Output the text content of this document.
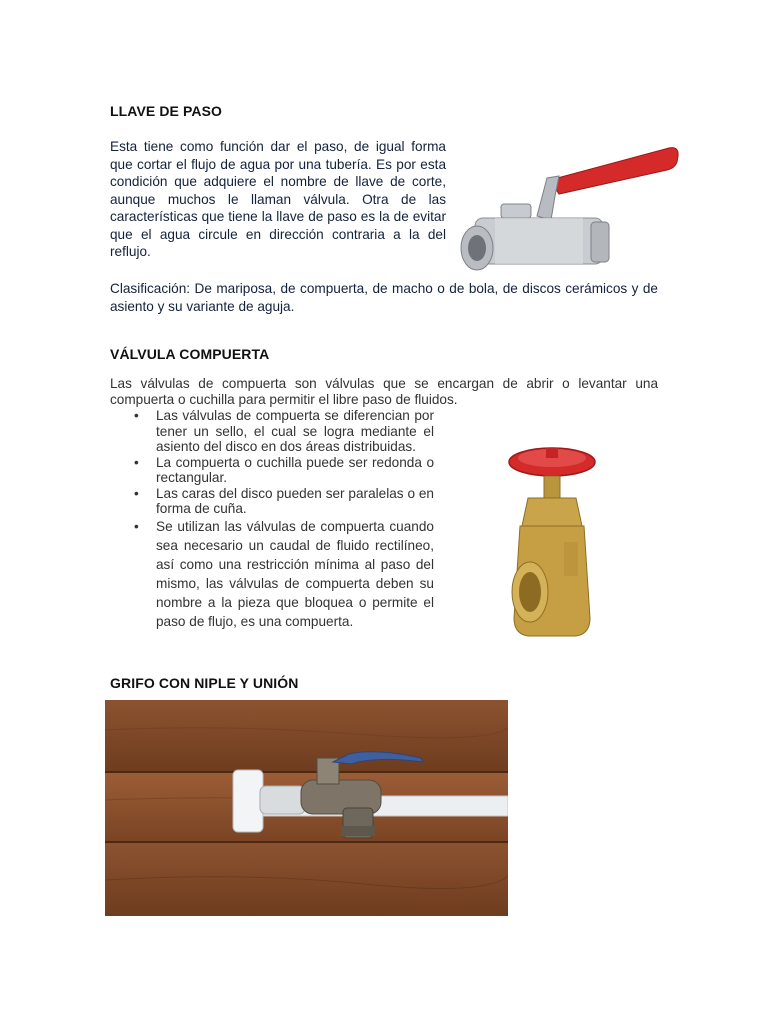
LLAVE DE PASO
Esta tiene como función dar el paso, de igual forma que cortar el flujo de agua por una tubería. Es por esta condición que adquiere el nombre de llave de corte, aunque muchos le llaman válvula. Otra de las características que tiene la llave de paso es la de evitar que el agua circule en dirección contraria a la del reflujo.
Clasificación: De mariposa, de compuerta, de macho o de bola, de discos cerámicos y de asiento y su variante de aguja.
VÁLVULA COMPUERTA
Las válvulas de compuerta son válvulas que se encargan de abrir o levantar una compuerta o cuchilla para permitir el libre paso de fluidos.
• Las válvulas de compuerta se diferencian por tener un sello, el cual se logra mediante el asiento del disco en dos áreas distribuidas.
• La compuerta o cuchilla puede ser redonda o rectangular.
• Las caras del disco pueden ser paralelas o en forma de cuña.
• Se utilizan las válvulas de compuerta cuando sea necesario un caudal de fluido rectilíneo, así como una restricción mínima al paso del mismo, las válvulas de compuerta deben su nombre a la pieza que bloquea o permite el paso de flujo, es una compuerta.
GRIFO CON NIPLE Y UNIÓN
